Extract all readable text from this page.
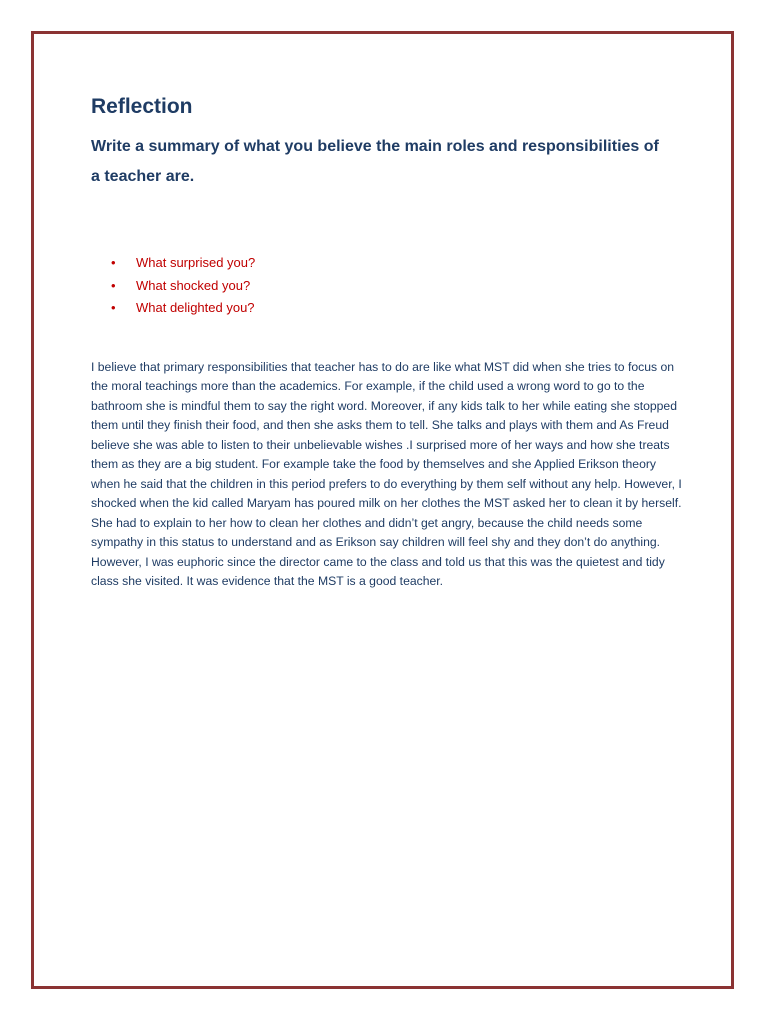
Reflection

Write a summary of what you believe the main roles and responsibilities of a teacher are.

• What surprised you?
• What shocked you?
• What delighted you?

I believe that primary responsibilities that teacher has to do are like what MST did when she tries to focus on the moral teachings more than the academics. For example, if the child used a wrong word to go to the bathroom she is mindful them to say the right word. Moreover, if any kids talk to her while eating she stopped them until they finish their food, and then she asks them to tell. She talks and plays with them and As Freud believe she was able to listen to their unbelievable wishes .I surprised more of her ways and how she treats them as they are a big student. For example take the food by themselves and she Applied Erikson theory when he said that the children in this period prefers to do everything by them self without any help. However, I shocked when the kid called Maryam has poured milk on her clothes the MST asked her to clean it by herself. She had to explain to her how to clean her clothes and didn’t get angry, because the child needs some sympathy in this status to understand and as Erikson say children will feel shy and they don’t do anything. However, I was euphoric since the director came to the class and told us that this was the quietest and tidy class she visited. It was evidence that the MST is a good teacher.
